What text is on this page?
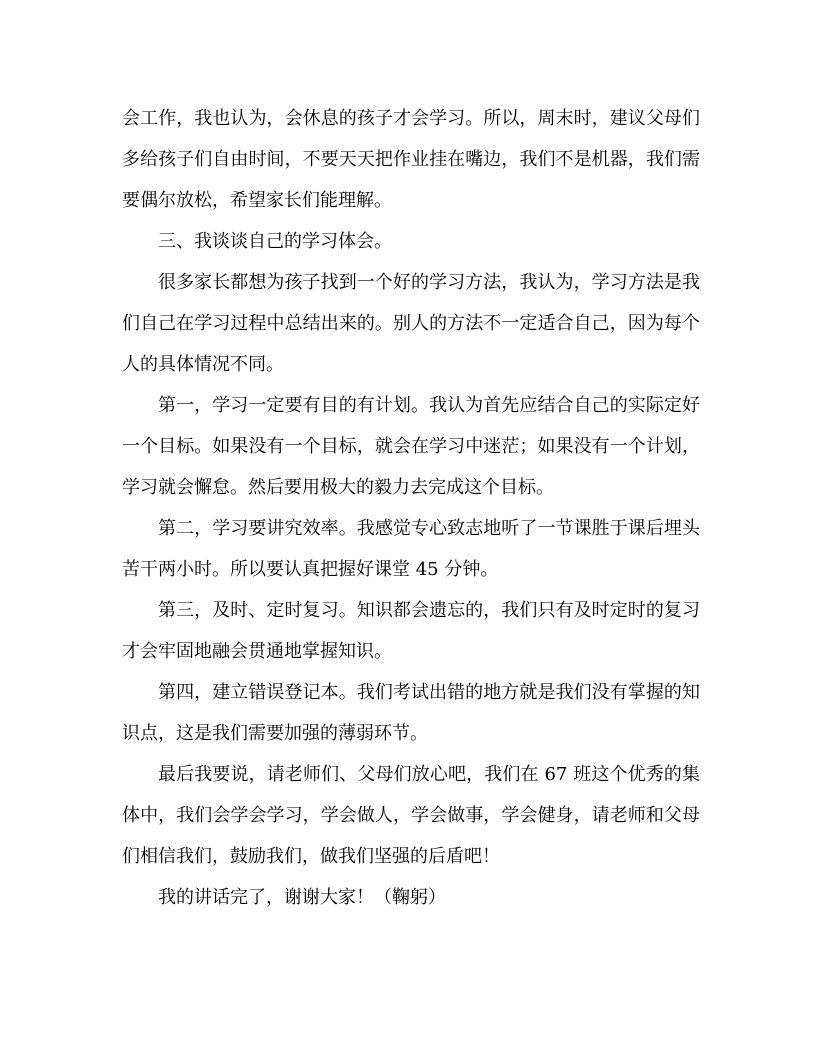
会工作，我也认为，会休息的孩子才会学习。所以，周末时，建议父母们多给孩子们自由时间，不要天天把作业挂在嘴边，我们不是机器，我们需要偶尔放松，希望家长们能理解。

三、我谈谈自己的学习体会。

很多家长都想为孩子找到一个好的学习方法，我认为，学习方法是我们自己在学习过程中总结出来的。别人的方法不一定适合自己，因为每个人的具体情况不同。

第一，学习一定要有目的有计划。我认为首先应结合自己的实际定好一个目标。如果没有一个目标，就会在学习中迷茫；如果没有一个计划，学习就会懈怠。然后要用极大的毅力去完成这个目标。

第二，学习要讲究效率。我感觉专心致志地听了一节课胜于课后埋头苦干两小时。所以要认真把握好课堂 45 分钟。

第三，及时、定时复习。知识都会遗忘的，我们只有及时定时的复习才会牢固地融会贯通地掌握知识。

第四，建立错误登记本。我们考试出错的地方就是我们没有掌握的知识点，这是我们需要加强的薄弱环节。

最后我要说，请老师们、父母们放心吧，我们在 67 班这个优秀的集体中，我们会学会学习，学会做人，学会做事，学会健身，请老师和父母们相信我们，鼓励我们，做我们坚强的后盾吧！

我的讲话完了，谢谢大家！（鞠躬）
